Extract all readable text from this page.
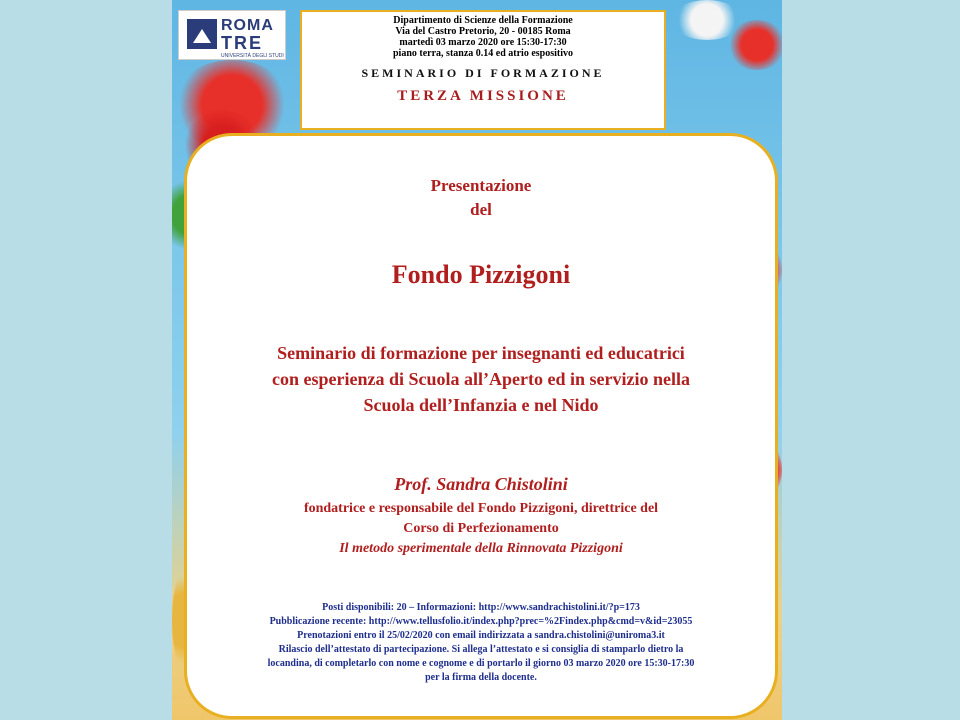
ROMA
TRE
UNIVERSITÀ DEGLI STUDI
Dipartimento di Scienze della Formazione
Via del Castro Pretorio, 20 - 00185 Roma
martedì 03 marzo 2020 ore 15:30-17:30
piano terra, stanza 0.14 ed atrio espositivo
SEMINARIO DI FORMAZIONE
TERZA MISSIONE
Presentazione
del
Fondo Pizzigoni
Seminario di formazione per insegnanti ed educatrici
con esperienza di Scuola all’Aperto ed in servizio nella
Scuola dell’Infanzia e nel Nido
Prof. Sandra Chistolini
fondatrice e responsabile del Fondo Pizzigoni, direttrice del
Corso di Perfezionamento
Il metodo sperimentale della Rinnovata Pizzigoni
Posti disponibili: 20 – Informazioni: http://www.sandrachistolini.it/?p=173
Pubblicazione recente: http://www.tellusfolio.it/index.php?prec=%2Findex.php&cmd=v&id=23055
Prenotazioni entro il 25/02/2020 con email indirizzata a sandra.chistolini@uniroma3.it
Rilascio dell’attestato di partecipazione. Si allega l’attestato e si consiglia di stamparlo dietro la
locandina, di completarlo con nome e cognome e di portarlo il giorno 03 marzo 2020 ore 15:30-17:30
per la firma della docente.
